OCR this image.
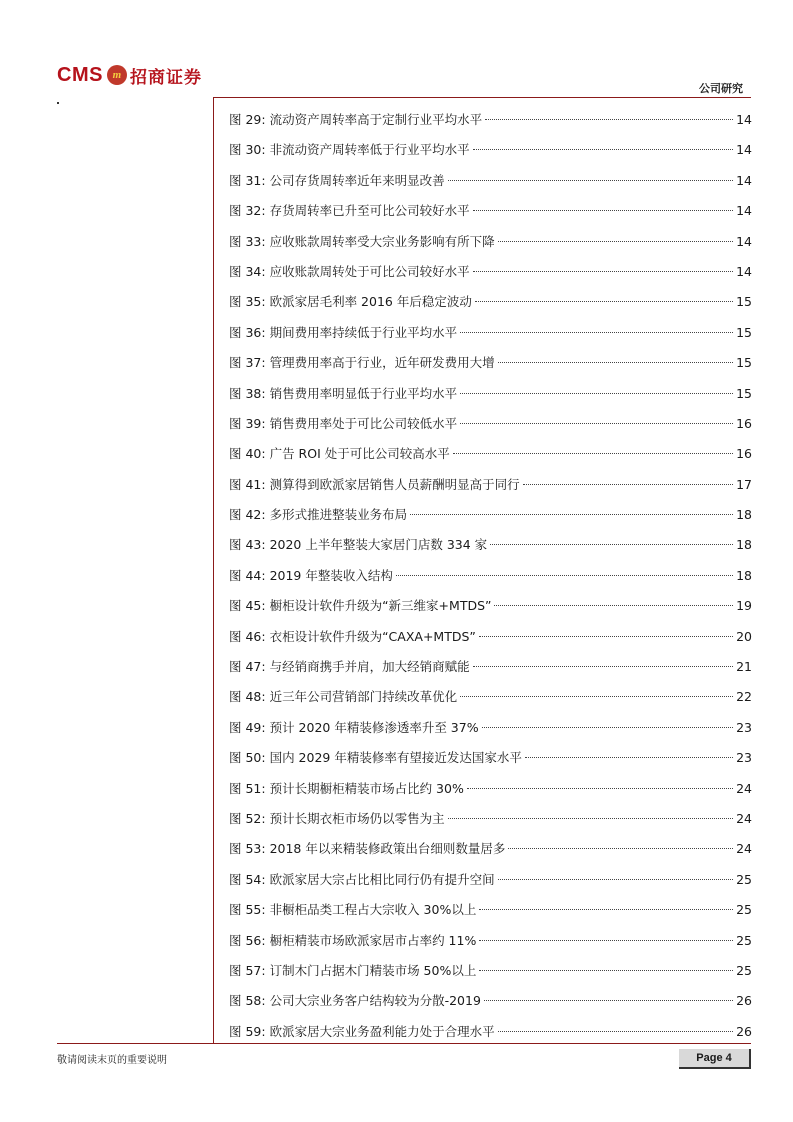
CMS m 招商证券
公司研究
图 29: 流动资产周转率高于定制行业平均水平	14
图 30: 非流动资产周转率低于行业平均水平	14
图 31: 公司存货周转率近年来明显改善	14
图 32: 存货周转率已升至可比公司较好水平	14
图 33: 应收账款周转率受大宗业务影响有所下降	14
图 34: 应收账款周转处于可比公司较好水平	14
图 35: 欧派家居毛利率 2016 年后稳定波动	15
图 36: 期间费用率持续低于行业平均水平	15
图 37: 管理费用率高于行业，近年研发费用大增	15
图 38: 销售费用率明显低于行业平均水平	15
图 39: 销售费用率处于可比公司较低水平	16
图 40: 广告 ROI 处于可比公司较高水平	16
图 41: 测算得到欧派家居销售人员薪酬明显高于同行	17
图 42: 多形式推进整装业务布局	18
图 43: 2020 上半年整装大家居门店数 334 家	18
图 44: 2019 年整装收入结构	18
图 45: 橱柜设计软件升级为“新三维家+MTDS”	19
图 46: 衣柜设计软件升级为“CAXA+MTDS”	20
图 47: 与经销商携手并肩，加大经销商赋能	21
图 48: 近三年公司营销部门持续改革优化	22
图 49: 预计 2020 年精装修渗透率升至 37%	23
图 50: 国内 2029 年精装修率有望接近发达国家水平	23
图 51: 预计长期橱柜精装市场占比约 30%	24
图 52: 预计长期衣柜市场仍以零售为主	24
图 53: 2018 年以来精装修政策出台细则数量居多	24
图 54: 欧派家居大宗占比相比同行仍有提升空间	25
图 55: 非橱柜品类工程占大宗收入 30%以上	25
图 56: 橱柜精装市场欧派家居市占率约 11%	25
图 57: 订制木门占据木门精装市场 50%以上	25
图 58: 公司大宗业务客户结构较为分散-2019	26
图 59: 欧派家居大宗业务盈利能力处于合理水平	26
敬请阅读末页的重要说明	Page 4
